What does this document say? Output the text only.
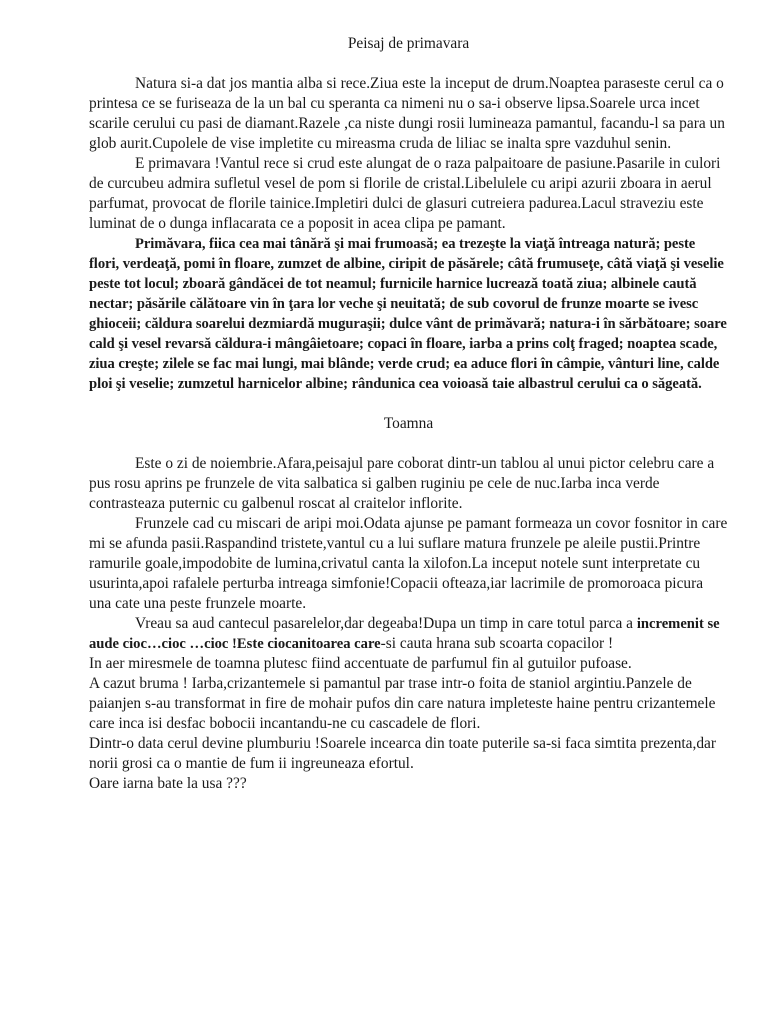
Peisaj de primavara

Natura si-a dat jos mantia alba si rece.Ziua este la inceput de drum.Noaptea paraseste cerul ca o printesa ce se furiseaza de la un bal cu speranta ca nimeni nu o sa-i observe lipsa.Soarele urca incet scarile cerului cu pasi de diamant.Razele ,ca niste dungi rosii lumineaza pamantul, facandu-l sa para un glob aurit.Cupolele de vise impletite cu mireasma cruda de liliac se inalta spre vazduhul senin.

E primavara !Vantul rece si crud este alungat de o raza palpaitoare de pasiune.Pasarile in culori de curcubeu admira sufletul vesel de pom si florile de cristal.Libelulele cu aripi azurii zboara in aerul parfumat, provocat de florile tainice.Impletiri dulci de glasuri cutreiera padurea.Lacul straveziu este luminat de o dunga inflacarata ce a poposit in acea clipa pe pamant.

Primăvara, fiica cea mai tânără şi mai frumoasă; ea trezeşte la viaţă întreaga natură; peste flori, verdeaţă, pomi în floare, zumzet de albine, ciripit de păsărele; câtă frumuseţe, câtă viaţă şi veselie peste tot locul; zboară gândăcei de tot neamul; furnicile harnice lucrează toată ziua; albinele caută nectar; păsările călătoare vin în ţara lor veche şi neuitată; de sub covorul de frunze moarte se ivesc ghioceii; căldura soarelui dezmiardă muguraşii; dulce vânt de primăvară; natura-i în sărbătoare; soare cald şi vesel revarsă căldura-i mângâietoare; copaci în floare, iarba a prins colţ fraged; noaptea scade, ziua creşte; zilele se fac mai lungi, mai blânde; verde crud; ea aduce flori în câmpie, vânturi line, calde ploi şi veselie; zumzetul harnicelor albine; rândunica cea voioasă taie albastrul cerului ca o săgeată.

Toamna

Este o zi de noiembrie.Afara,peisajul pare coborat dintr-un tablou al unui pictor celebru care a pus rosu aprins pe frunzele de vita salbatica si galben ruginiu pe cele de nuc.Iarba inca verde contrasteaza puternic cu galbenul roscat al craitelor inflorite.

Frunzele cad cu miscari de aripi moi.Odata ajunse pe pamant formeaza un covor fosnitor in care mi se afunda pasii.Raspandind tristete,vantul cu a lui suflare matura frunzele pe aleile pustii.Printre ramurile goale,impodobite de lumina,crivatul canta la xilofon.La inceput notele sunt interpretate cu usurinta,apoi rafalele perturba intreaga simfonie!Copacii ofteaza,iar lacrimile de promoroaca picura una cate una peste frunzele moarte.

Vreau sa aud cantecul pasarelelor,dar degeaba!Dupa un timp in care totul parca a incremenit se aude cioc…cioc …cioc !Este ciocanitoarea care-si cauta hrana sub scoarta copacilor !

In aer miresmele de toamna plutesc fiind accentuate de parfumul fin al gutuilor pufoase.

A cazut bruma ! Iarba,crizantemele si pamantul par trase intr-o foita de staniol argintiu.Panzele de paianjen s-au transformat in fire de mohair pufos din care natura impleteste haine pentru crizantemele care inca isi desfac bobocii incantandu-ne cu cascadele de flori.

Dintr-o data cerul devine plumburiu !Soarele incearca din toate puterile sa-si faca simtita prezenta,dar norii grosi ca o mantie de fum ii ingreuneaza efortul.

Oare iarna bate la usa ???
